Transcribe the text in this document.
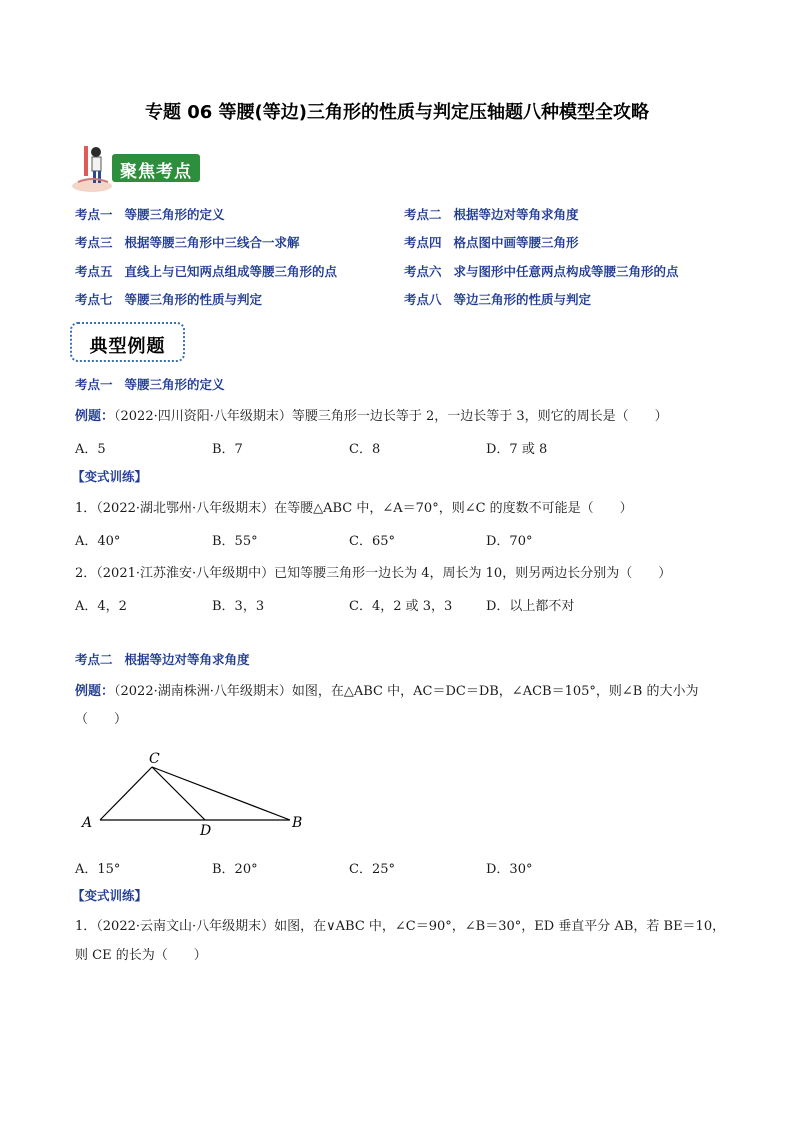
专题 06 等腰(等边)三角形的性质与判定压轴题八种模型全攻略
聚焦考点
考点一 等腰三角形的定义	考点二 根据等边对等角求角度
考点三 根据等腰三角形中三线合一求解	考点四 格点图中画等腰三角形
考点五 直线上与已知两点组成等腰三角形的点	考点六 求与图形中任意两点构成等腰三角形的点
考点七 等腰三角形的性质与判定	考点八 等边三角形的性质与判定
典型例题
考点一 等腰三角形的定义
例题：（2022·四川资阳·八年级期末）等腰三角形一边长等于 2，一边长等于 3，则它的周长是（　　）
A．5	B．7	C．8	D．7 或 8
【变式训练】
1．（2022·湖北鄂州·八年级期末）在等腰△ABC 中，∠A＝70°，则∠C 的度数不可能是（　　）
A．40°	B．55°	C．65°	D．70°
2．（2021·江苏淮安·八年级期中）已知等腰三角形一边长为 4，周长为 10，则另两边长分别为（　　）
A．4，2	B．3，3	C．4，2 或 3，3	D．以上都不对
考点二 根据等边对等角求角度
例题：（2022·湖南株洲·八年级期末）如图，在△ABC 中，AC＝DC＝DB，∠ACB＝105°，则∠B 的大小为
（　　）
C
A	D	B
A．15°	B．20°	C．25°	D．30°
【变式训练】
1．（2022·云南文山·八年级期末）如图，在∨ABC 中，∠C＝90°，∠B＝30°，ED 垂直平分 AB，若 BE＝10，
则 CE 的长为（　　）
